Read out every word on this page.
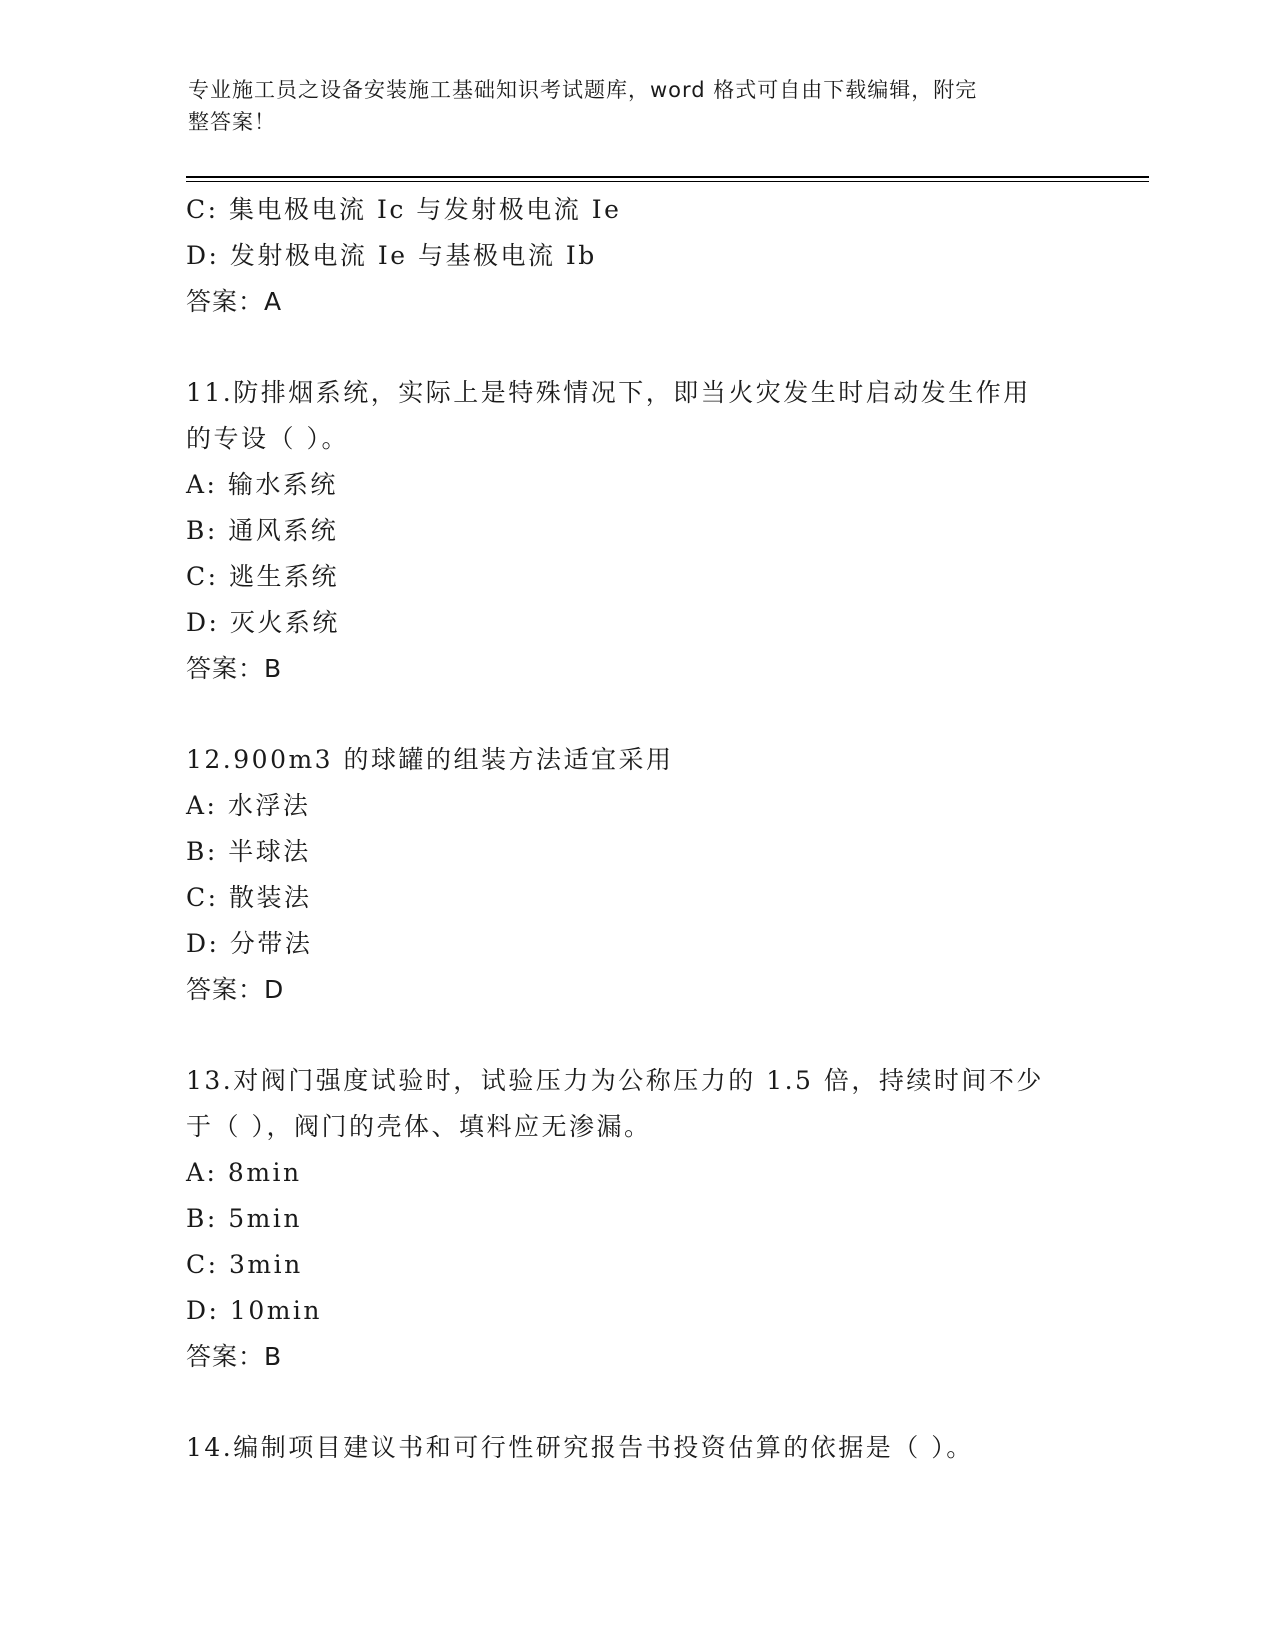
专业施工员之设备安装施工基础知识考试题库，word 格式可自由下载编辑，附完
整答案！
C: 集电极电流 Ic 与发射极电流 Ie
D: 发射极电流 Ie 与基极电流 Ib
答案：A
11.防排烟系统，实际上是特殊情况下，即当火灾发生时启动发生作用
的专设（ ）。
A: 输水系统
B: 通风系统
C: 逃生系统
D: 灭火系统
答案：B
12.900m3 的球罐的组装方法适宜采用
A: 水浮法
B: 半球法
C: 散装法
D: 分带法
答案：D
13.对阀门强度试验时，试验压力为公称压力的 1.5 倍，持续时间不少
于（ ），阀门的壳体、填料应无渗漏。
A: 8min
B: 5min
C: 3min
D: 10min
答案：B
14.编制项目建议书和可行性研究报告书投资估算的依据是（ ）。
